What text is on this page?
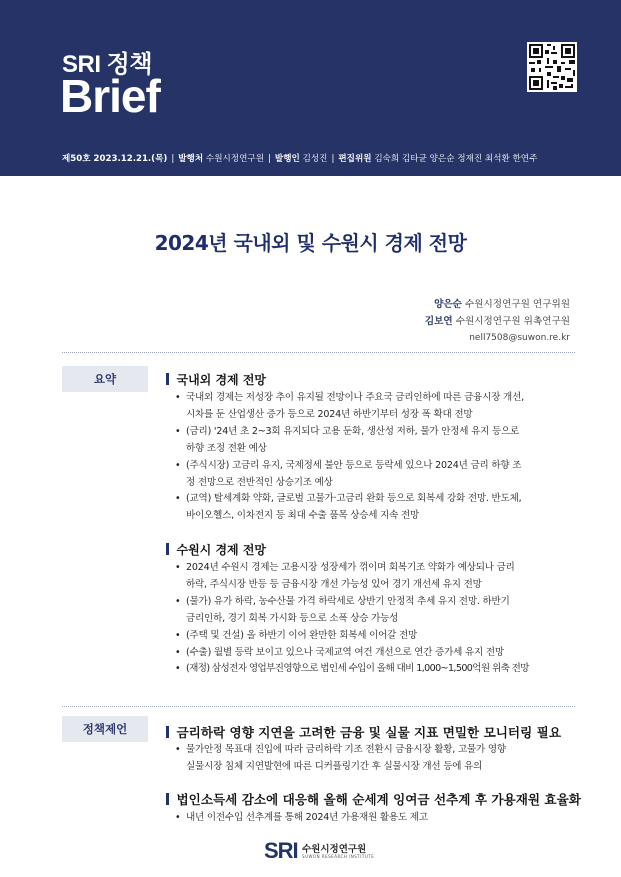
SRI 정책
Brief
제50호 2023.12.21.(목) | 발행처 수원시정연구원 | 발행인 김성진 | 편집위원 김숙희 김타균 양은순 정재진 최석환 한연주
2024년 국내외 및 수원시 경제 전망
양은순 수원시정연구원 연구위원
김보연 수원시정연구원 위촉연구원
nell7508@suwon.re.kr
요약	국내외 경제 전망
• 국내외 경제는 저성장 추이 유지될 전망이나 주요국 금리인하에 따른 금융시장 개선,
시차를 둔 산업생산 증가 등으로 2024년 하반기부터 성장 폭 확대 전망
• (금리) '24년 초 2~3회 유지되다 고용 둔화, 생산성 저하, 물가 안정세 유지 등으로
하향 조정 전환 예상
• (주식시장) 고금리 유지, 국제정세 불안 등으로 등락세 있으나 2024년 금리 하향 조
정 전망으로 전반적인 상승기조 예상
• (교역) 탈세계화 약화, 글로벌 고물가·고금리 완화 등으로 회복세 강화 전망. 반도체,
바이오헬스, 이차전지 등 최대 수출 품목 상승세 지속 전망
수원시 경제 전망
• 2024년 수원시 경제는 고용시장 성장세가 꺾이며 회복기조 약화가 예상되나 금리
하락, 주식시장 반등 등 금융시장 개선 가능성 있어 경기 개선세 유지 전망
• (물가) 유가 하락, 농수산물 가격 하락세로 상반기 안정적 추세 유지 전망. 하반기
금리인하, 경기 회복 가시화 등으로 소폭 상승 가능성
• (주택 및 건설) 올 하반기 이어 완만한 회복세 이어갈 전망
• (수출) 월별 등락 보이고 있으나 국제교역 여건 개선으로 연간 증가세 유지 전망
• (재정) 삼성전자 영업부진영향으로 법인세 수입이 올해 대비 1,000~1,500억원 위축 전망
정책제언	금리하락 영향 지연을 고려한 금융 및 실물 지표 면밀한 모니터링 필요
• 물가안정 목표대 진입에 따라 금리하락 기조 전환시 금융시장 활황, 고물가 영향
실물시장 침체 지연발현에 따른 디커플링기간 후 실물시장 개선 등에 유의
법인소득세 감소에 대응해 올해 순세계 잉여금 선추계 후 가용재원 효율화
• 내년 이전수입 선추계를 통해 2024년 가용재원 활용도 제고
SRI 수원시정연구원
SUWON RESEARCH INSTITUTE
